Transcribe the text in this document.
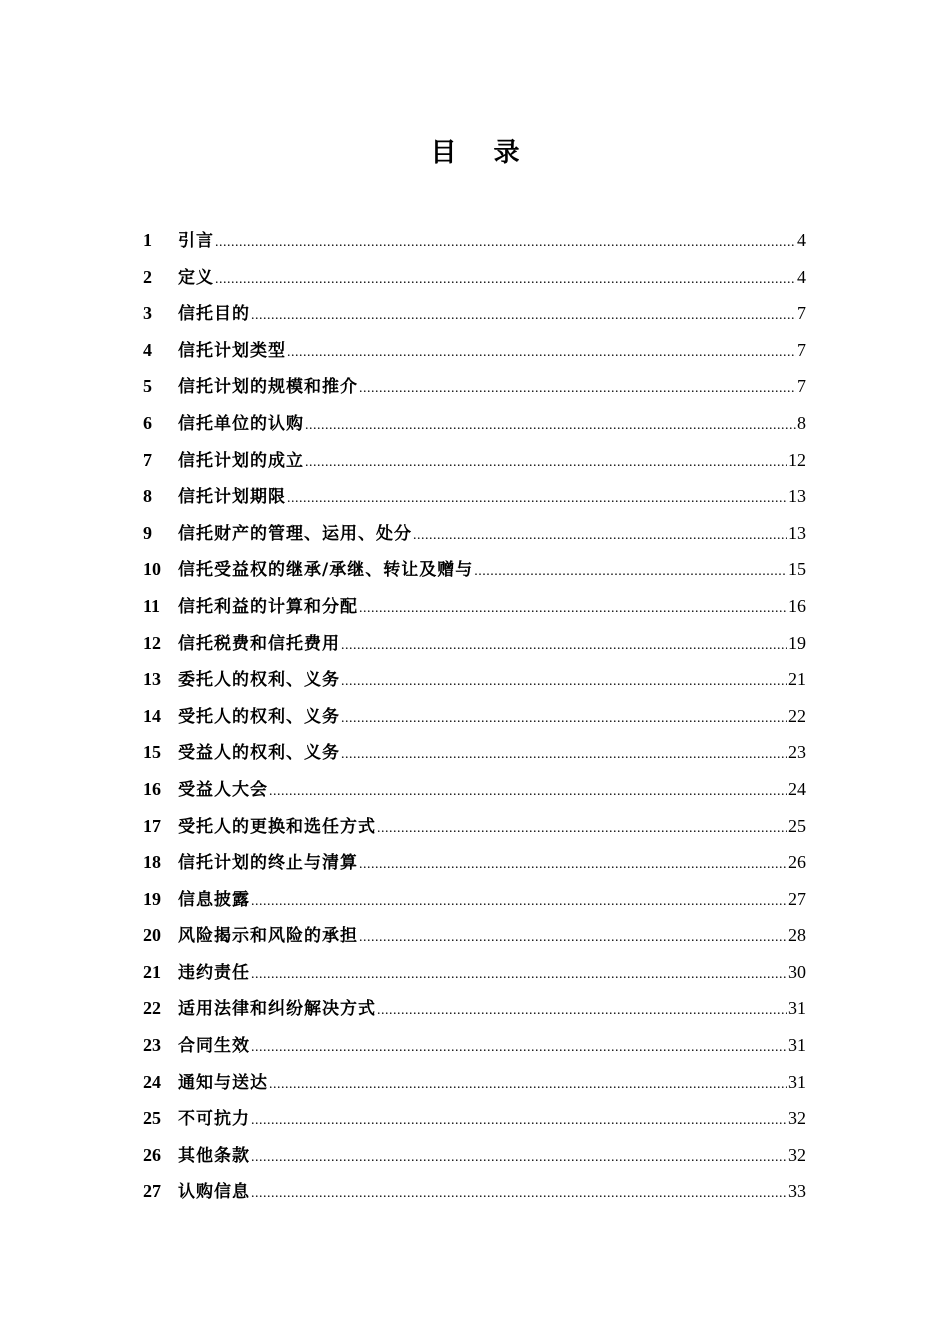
目 录
1	引言 .....	4
2	定义 .....	4
3	信托目的 .....	7
4	信托计划类型 .....	7
5	信托计划的规模和推介 .....	7
6	信托单位的认购 .....	8
7	信托计划的成立 .....	12
8	信托计划期限 .....	13
9	信托财产的管理、运用、处分 .....	13
10	信托受益权的继承/承继、转让及赠与 .....	15
11	信托利益的计算和分配 .....	16
12	信托税费和信托费用 .....	19
13	委托人的权利、义务 .....	21
14	受托人的权利、义务 .....	22
15	受益人的权利、义务 .....	23
16	受益人大会 .....	24
17	受托人的更换和选任方式 .....	25
18	信托计划的终止与清算 .....	26
19	信息披露 .....	27
20	风险揭示和风险的承担 .....	28
21	违约责任 .....	30
22	适用法律和纠纷解决方式 .....	31
23	合同生效 .....	31
24	通知与送达 .....	31
25	不可抗力 .....	32
26	其他条款 .....	32
27	认购信息 .....	33
